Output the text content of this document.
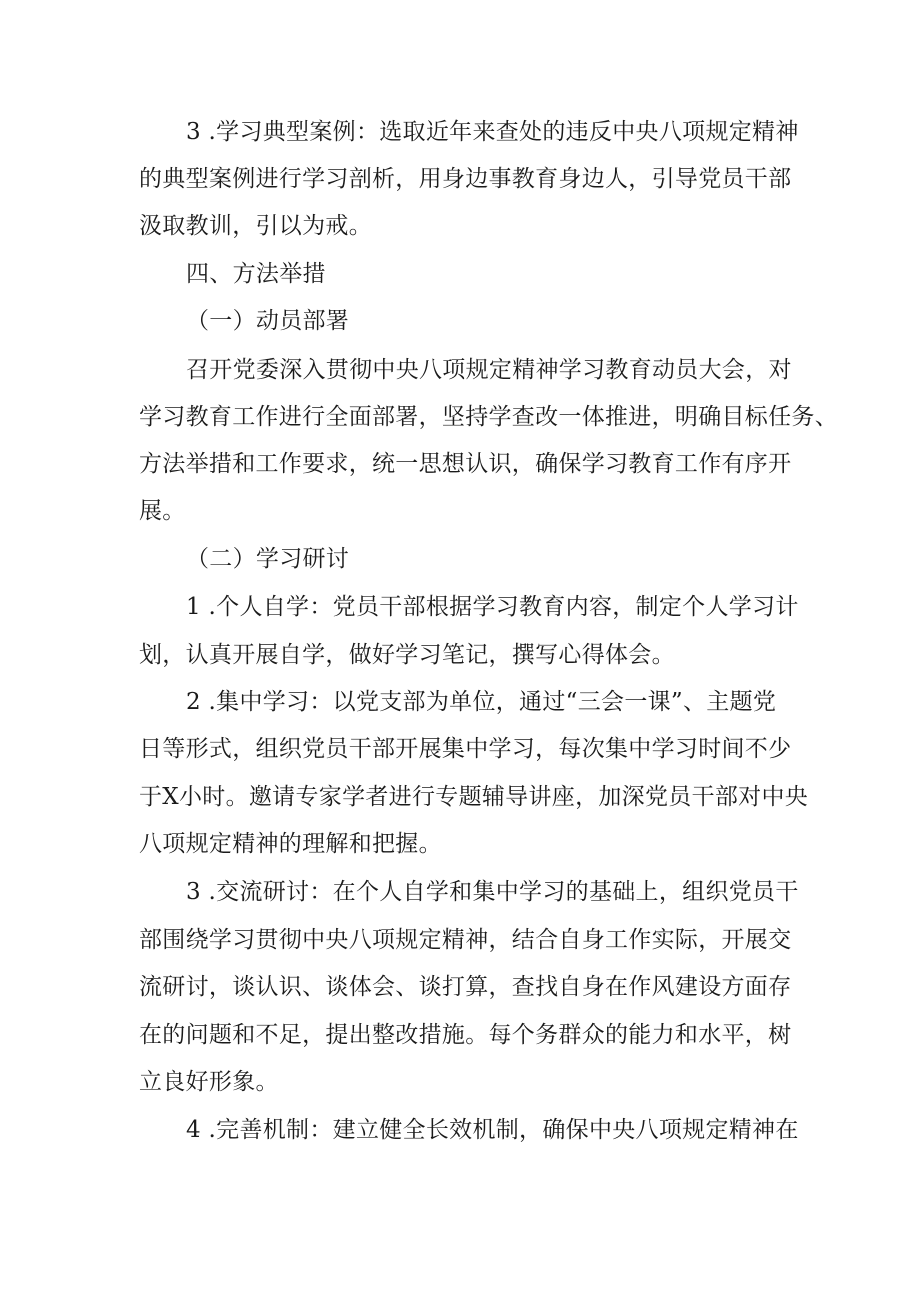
3 .学习典型案例：选取近年来查处的违反中央八项规定精神
的典型案例进行学习剖析，用身边事教育身边人，引导党员干部
汲取教训，引以为戒。
四、方法举措
（一）动员部署
召开党委深入贯彻中央八项规定精神学习教育动员大会，对
学习教育工作进行全面部署，坚持学查改一体推进，明确目标任务、
方法举措和工作要求，统一思想认识，确保学习教育工作有序开
展。
（二）学习研讨
1 .个人自学：党员干部根据学习教育内容，制定个人学习计
划，认真开展自学，做好学习笔记，撰写心得体会。
2 .集中学习：以党支部为单位，通过“三会一课”、主题党
日等形式，组织党员干部开展集中学习，每次集中学习时间不少
于X小时。邀请专家学者进行专题辅导讲座，加深党员干部对中央
八项规定精神的理解和把握。
3 .交流研讨：在个人自学和集中学习的基础上，组织党员干
部围绕学习贯彻中央八项规定精神，结合自身工作实际，开展交
流研讨，谈认识、谈体会、谈打算，查找自身在作风建设方面存
在的问题和不足，提出整改措施。每个务群众的能力和水平，树
立良好形象。
4 .完善机制：建立健全长效机制，确保中央八项规定精神在
